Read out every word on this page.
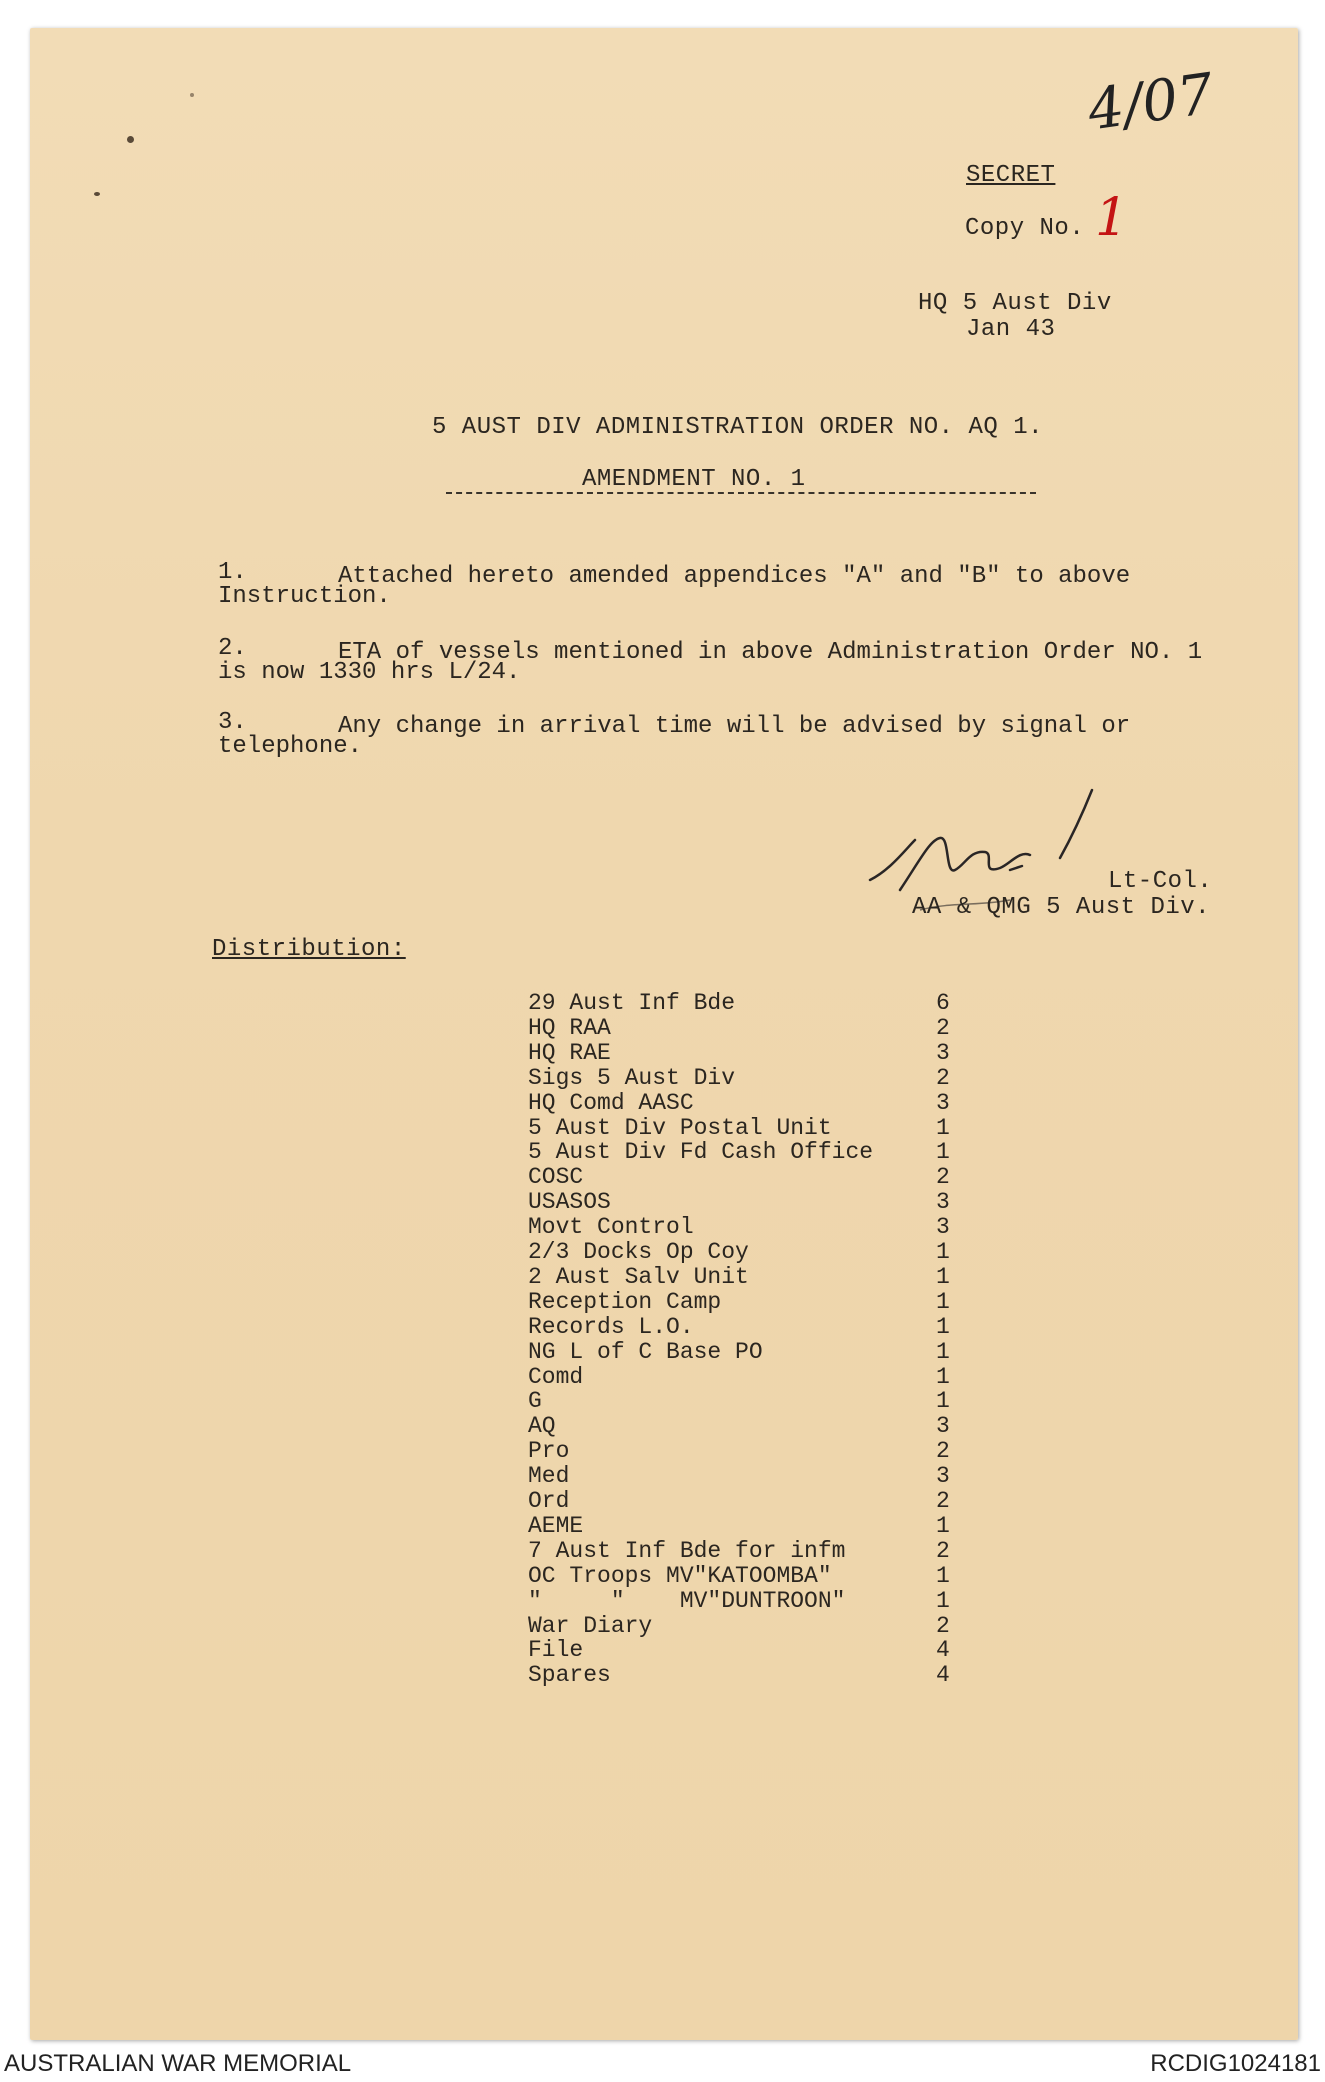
4/07
SECRET
Copy No. 1
HQ 5 Aust Div
Jan 43
5 AUST DIV ADMINISTRATION ORDER NO. AQ 1.
AMENDMENT NO. 1
1.	Attached hereto amended appendices "A" and "B" to above
Instruction.
2.	ETA of vessels mentioned in above Administration Order NO. 1
is now 1330 hrs L/24.
3.	Any change in arrival time will be advised by signal or
telephone.
Lt-Col.
AA & QMG 5 Aust Div.
Distribution:
29 Aust Inf Bde	6
HQ RAA	2
HQ RAE	3
Sigs 5 Aust Div	2
HQ Comd AASC	3
5 Aust Div Postal Unit	1
5 Aust Div Fd Cash Office	1
COSC	2
USASOS	3
Movt Control	3
2/3 Docks Op Coy	1
2 Aust Salv Unit	1
Reception Camp	1
Records L.O.	1
NG L of C Base PO	1
Comd	1
G	1
AQ	3
Pro	2
Med	3
Ord	2
AEME	1
7 Aust Inf Bde for infm	2
OC Troops MV"KATOOMBA"	1
"     "    MV"DUNTROON"	1
War Diary	2
File	4
Spares	4
AUSTRALIAN WAR MEMORIAL	RCDIG1024181
